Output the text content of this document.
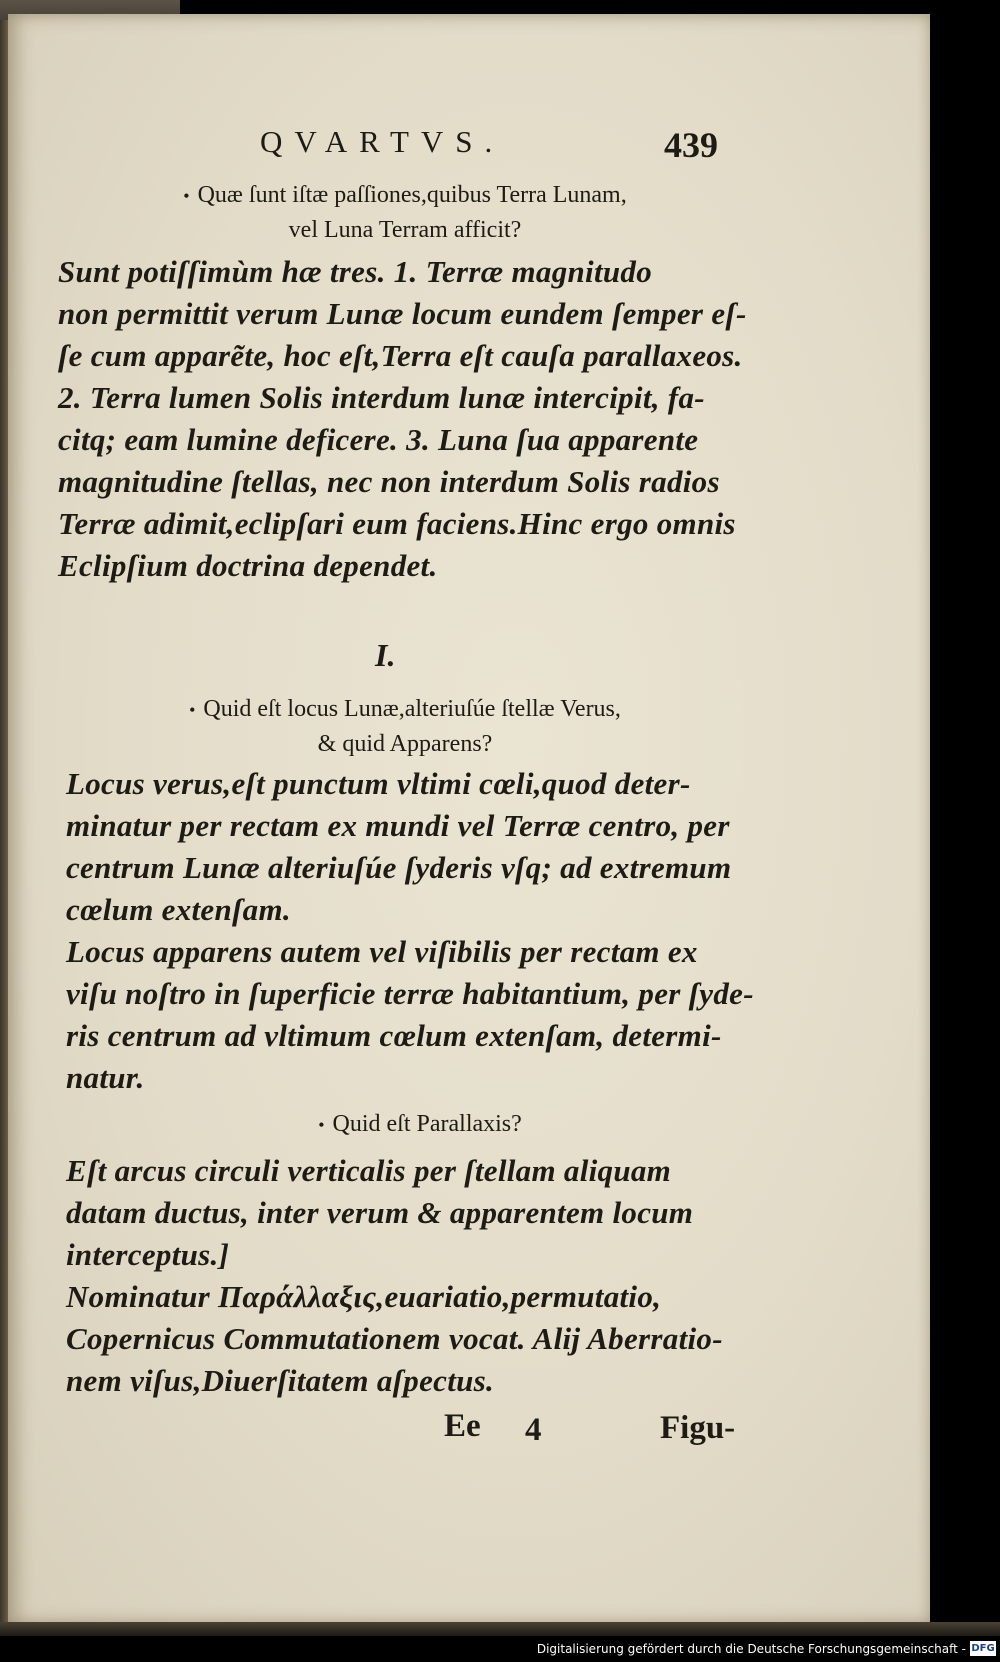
QVARTVS.	439
• Quæ ſunt iſtæ paſſiones,quibus Terra Lunam,
vel Luna Terram afficit?
Sunt potiſſimùm hæ tres. 1. Terræ magnitudo
non permittit verum Lunæ locum eundem ſemper eſ-
ſe cum apparẽte, hoc eſt,Terra eſt cauſa parallaxeos.
2. Terra lumen Solis interdum lunæ intercipit, fa-
citq; eam lumine deficere. 3. Luna ſua apparente
magnitudine ſtellas, nec non interdum Solis radios
Terræ adimit,eclipſari eum faciens.Hinc ergo omnis
Eclipſium doctrina dependet.
I.
• Quid eſt locus Lunæ,alteriuſúe ſtellæ Verus,
& quid Apparens?
Locus verus,eſt punctum vltimi cœli,quod deter-
minatur per rectam ex mundi vel Terræ centro, per
centrum Lunæ alteriuſúe ſyderis vſq; ad extremum
cœlum extenſam.
Locus apparens autem vel viſibilis per rectam ex
viſu noſtro in ſuperficie terræ habitantium, per ſyde-
ris centrum ad vltimum cœlum extenſam, determi-
natur.
• Quid eſt Parallaxis?
Eſt arcus circuli verticalis per ſtellam aliquam
datam ductus, inter verum & apparentem locum
interceptus.]
Nominatur Παράλλαξις,euariatio,permutatio,
Copernicus Commutationem vocat. Alij Aberratio-
nem viſus,Diuerſitatem aſpectus.
Ee 4	Figu-
Digitalisierung gefördert durch die Deutsche Forschungsgemeinschaft - DFG
